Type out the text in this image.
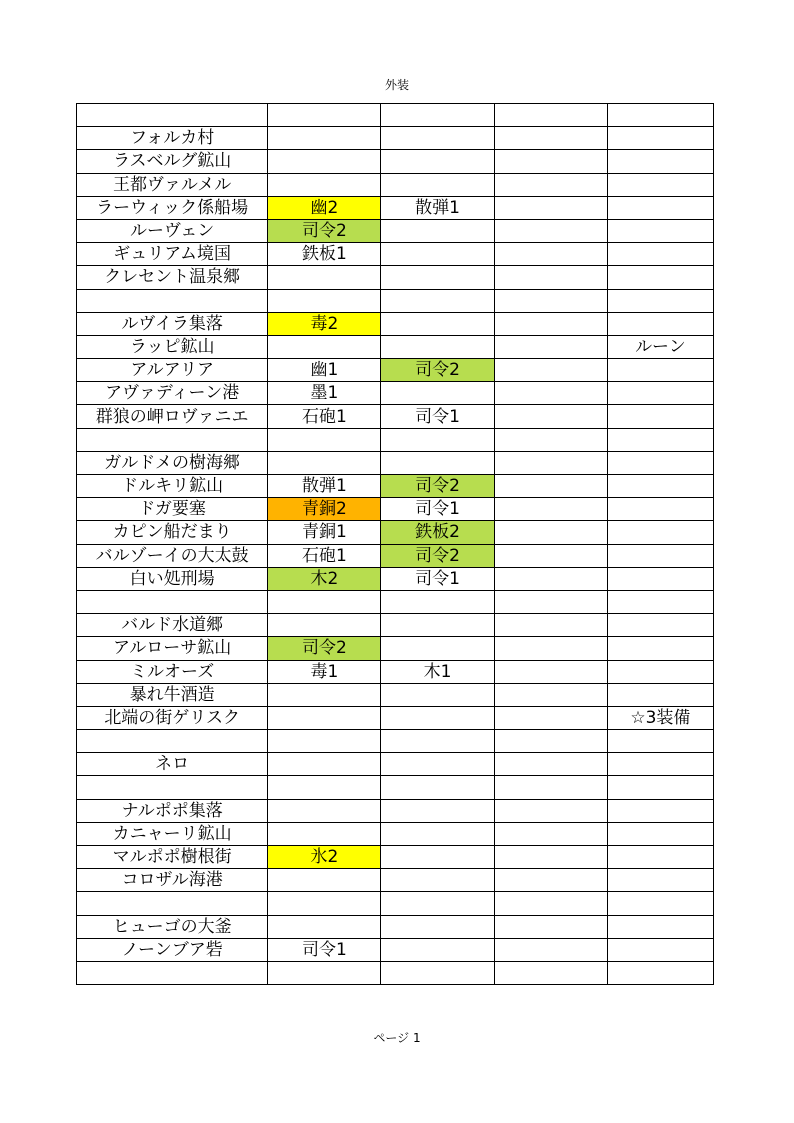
外装

フォルカ村				
ラスベルグ鉱山				
王都ヴァルメル				
ラーウィック係船場	幽2	散弾1		
ルーヴェン	司令2			
ギュリアム境国	鉄板1			
クレセント温泉郷				

ルヴイラ集落	毒2			
ラッピ鉱山				ルーン
アルアリア	幽1	司令2		
アヴァディーン港	墨1			
群狼の岬ロヴァニエ	石砲1	司令1		

ガルドメの樹海郷				
ドルキリ鉱山	散弾1	司令2		
ドガ要塞	青銅2	司令1		
カピン船だまり	青銅1	鉄板2		
バルゾーイの大太鼓	石砲1	司令2		
白い処刑場	木2	司令1		

バルド水道郷				
アルローサ鉱山	司令2			
ミルオーズ	毒1	木1		
暴れ牛酒造				
北端の街ゲリスク				☆3装備

ネロ				

ナルポポ集落				
カニャーリ鉱山				
マルポポ樹根街	氷2			
コロザル海港				

ヒューゴの大釜				
ノーンブア砦	司令1			

ページ 1
